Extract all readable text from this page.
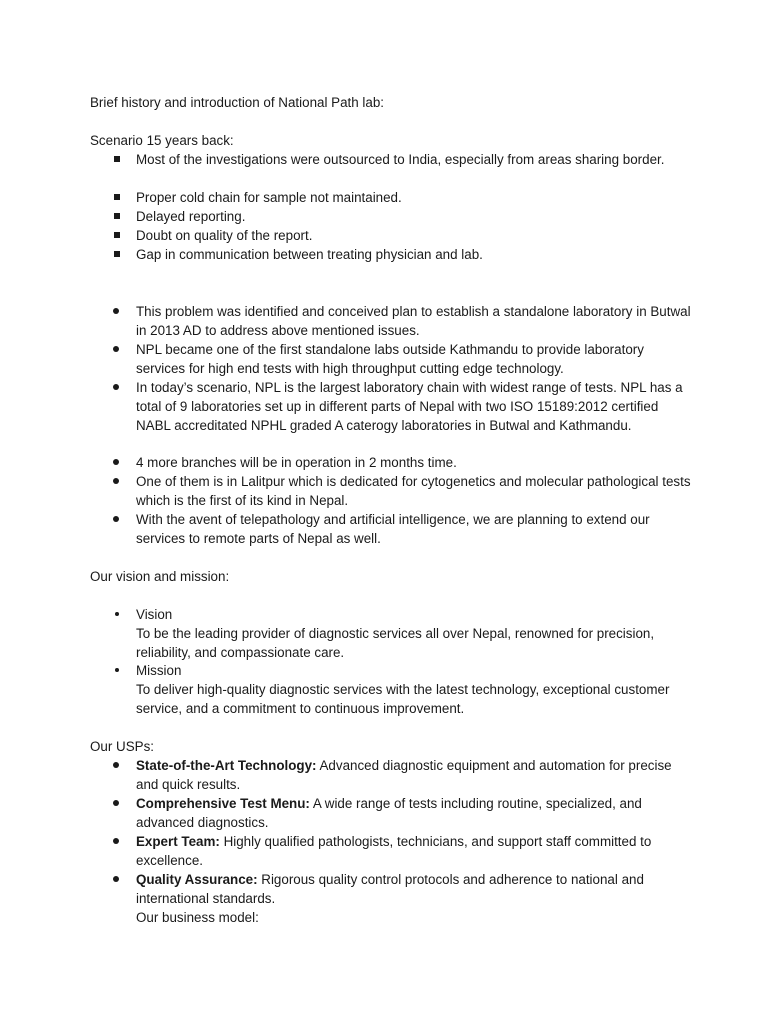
Brief history and introduction of National Path lab:
Scenario 15 years back:
Most of the investigations were outsourced to India, especially from areas sharing border.
Proper cold chain for sample not maintained.
Delayed reporting.
Doubt on quality of the report.
Gap in communication between treating physician and lab.
This problem was identified and conceived plan to establish a standalone laboratory in Butwal in 2013 AD to address above mentioned issues.
NPL became one of the first standalone labs outside Kathmandu to provide laboratory services for high end tests with high throughput cutting edge technology.
In today’s scenario, NPL is the largest laboratory chain with widest range of tests. NPL has a total of 9 laboratories set up in different parts of Nepal with two ISO 15189:2012 certified NABL accreditated NPHL graded A caterogy laboratories in Butwal and Kathmandu.
4 more branches will be in operation in 2 months time.
One of them is in Lalitpur which is dedicated for cytogenetics and molecular pathological tests which is the first of its kind in Nepal.
With the avent of telepathology and artificial intelligence, we are planning to extend our services to remote parts of Nepal as well.
Our vision and mission:
Vision
To be the leading provider of diagnostic services all over Nepal, renowned for precision, reliability, and compassionate care.
Mission
To deliver high-quality diagnostic services with the latest technology, exceptional customer service, and a commitment to continuous improvement.
Our USPs:
State-of-the-Art Technology: Advanced diagnostic equipment and automation for precise and quick results.
Comprehensive Test Menu: A wide range of tests including routine, specialized, and advanced diagnostics.
Expert Team: Highly qualified pathologists, technicians, and support staff committed to excellence.
Quality Assurance: Rigorous quality control protocols and adherence to national and international standards.
Our business model:
